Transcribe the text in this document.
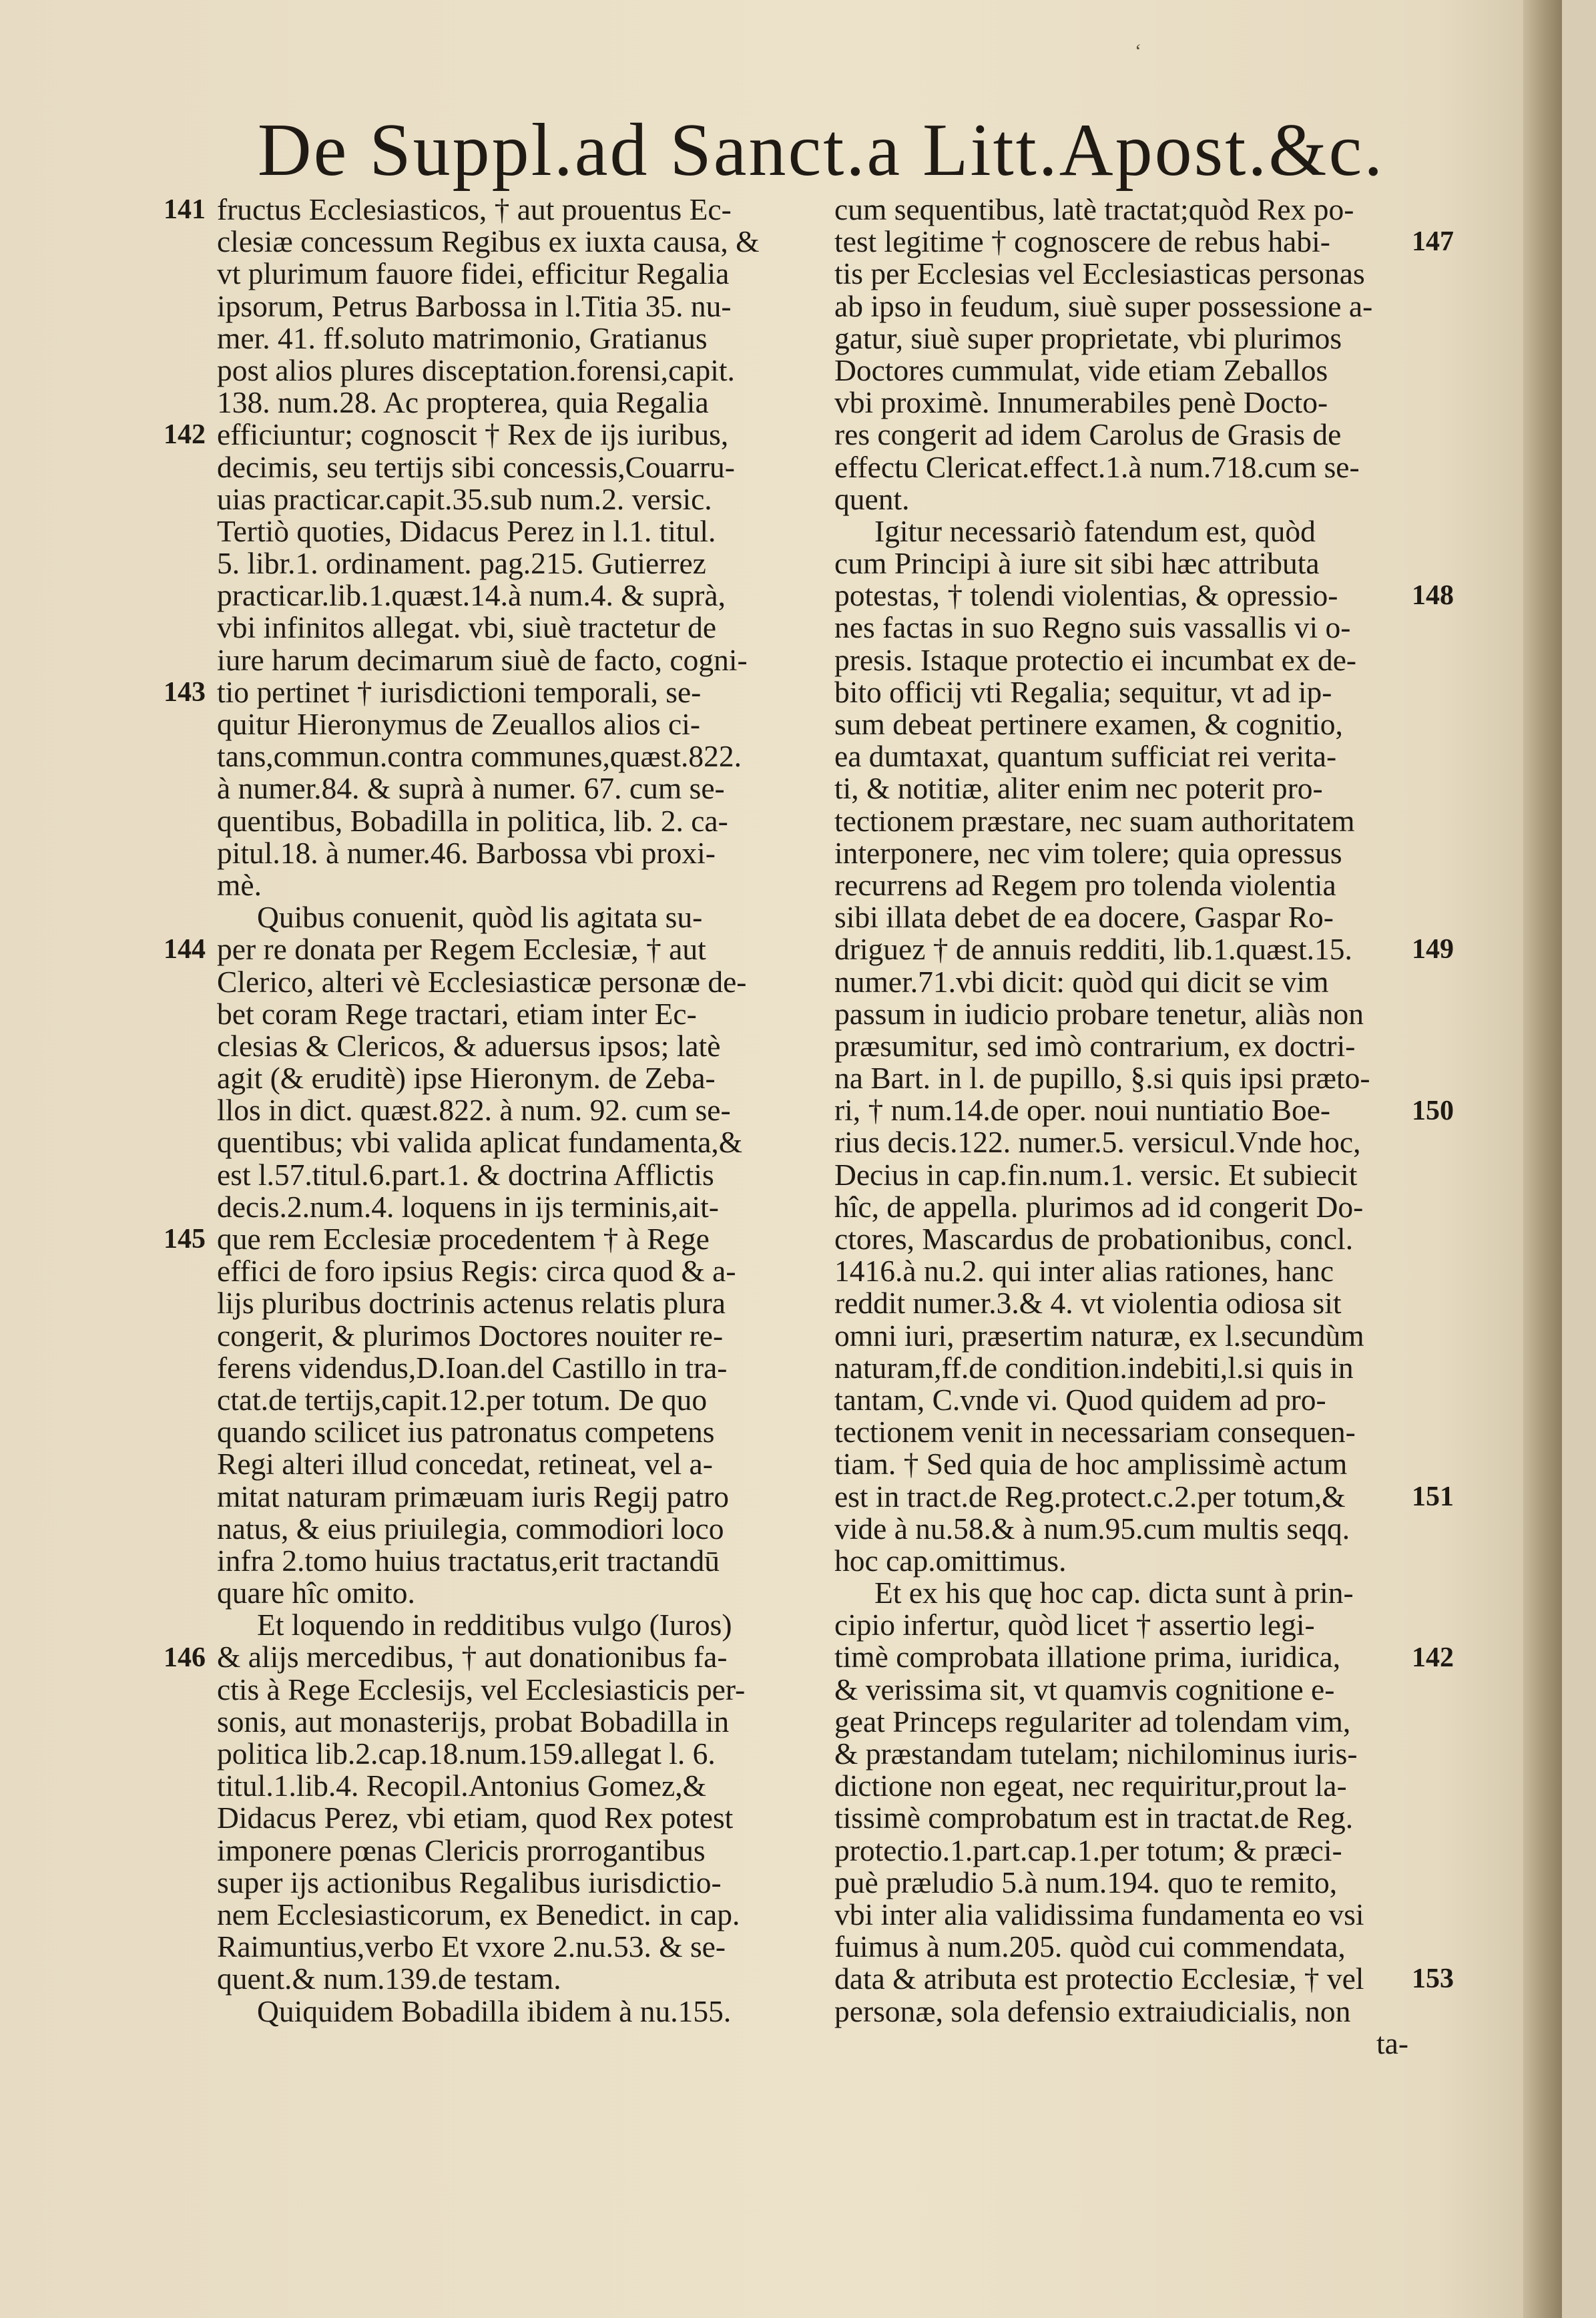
‘
De Suppl.ad Sanct.a Litt.Apost.&c.
141
142
143
144
145
146
147
148
149
150
151
142
153
fructus Ecclesiasticos, † aut prouentus Ec-
clesiæ concessum Regibus ex iuxta causa, &
vt plurimum fauore fidei, efficitur Regalia
ipsorum, Petrus Barbossa in l.Titia 35. nu-
mer. 41. ff.soluto matrimonio, Gratianus
post alios plures disceptation.forensi,capit.
138. num.28. Ac propterea, quia Regalia
efficiuntur; cognoscit † Rex de ijs iuribus,
decimis, seu tertijs sibi concessis,Couarru-
uias practicar.capit.35.sub num.2. versic.
Tertiò quoties, Didacus Perez in l.1. titul.
5. libr.1. ordinament. pag.215. Gutierrez
practicar.lib.1.quæst.14.à num.4. & suprà,
vbi infinitos allegat. vbi, siuè tractetur de
iure harum decimarum siuè de facto, cogni-
tio pertinet † iurisdictioni temporali, se-
quitur Hieronymus de Zeuallos alios ci-
tans,commun.contra communes,quæst.822.
à numer.84. & suprà à numer. 67. cum se-
quentibus, Bobadilla in politica, lib. 2. ca-
pitul.18. à numer.46. Barbossa vbi proxi-
mè.
Quibus conuenit, quòd lis agitata su-
per re donata per Regem Ecclesiæ, † aut
Clerico, alteri vè Ecclesiasticæ personæ de-
bet coram Rege tractari, etiam inter Ec-
clesias & Clericos, & aduersus ipsos; latè
agit (& eruditè) ipse Hieronym. de Zeba-
llos in dict. quæst.822. à num. 92. cum se-
quentibus; vbi valida aplicat fundamenta,&
est l.57.titul.6.part.1. & doctrina Afflictis
decis.2.num.4. loquens in ijs terminis,ait-
que rem Ecclesiæ procedentem † à Rege
effici de foro ipsius Regis: circa quod & a-
lijs pluribus doctrinis actenus relatis plura
congerit, & plurimos Doctores nouiter re-
ferens videndus,D.Ioan.del Castillo in tra-
ctat.de tertijs,capit.12.per totum. De quo
quando scilicet ius patronatus competens
Regi alteri illud concedat, retineat, vel a-
mitat naturam primæuam iuris Regij patro
natus, & eius priuilegia, commodiori loco
infra 2.tomo huius tractatus,erit tractandū
quare hîc omito.
Et loquendo in redditibus vulgo (Iuros)
& alijs mercedibus, † aut donationibus fa-
ctis à Rege Ecclesijs, vel Ecclesiasticis per-
sonis, aut monasterijs, probat Bobadilla in
politica lib.2.cap.18.num.159.allegat l. 6.
titul.1.lib.4. Recopil.Antonius Gomez,&
Didacus Perez, vbi etiam, quod Rex potest
imponere pœnas Clericis prorrogantibus
super ijs actionibus Regalibus iurisdictio-
nem Ecclesiasticorum, ex Benedict. in cap.
Raimuntius,verbo Et vxore 2.nu.53. & se-
quent.& num.139.de testam.
Quiquidem Bobadilla ibidem à nu.155.
cum sequentibus, latè tractat;quòd Rex po-
test legitime † cognoscere de rebus habi-
tis per Ecclesias vel Ecclesiasticas personas
ab ipso in feudum, siuè super possessione a-
gatur, siuè super proprietate, vbi plurimos
Doctores cummulat, vide etiam Zeballos
vbi proximè. Innumerabiles penè Docto-
res congerit ad idem Carolus de Grasis de
effectu Clericat.effect.1.à num.718.cum se-
quent.
Igitur necessariò fatendum est, quòd
cum Principi à iure sit sibi hæc attributa
potestas, † tolendi violentias, & opressio-
nes factas in suo Regno suis vassallis vi o-
presis. Istaque protectio ei incumbat ex de-
bito officij vti Regalia; sequitur, vt ad ip-
sum debeat pertinere examen, & cognitio,
ea dumtaxat, quantum sufficiat rei verita-
ti, & notitiæ, aliter enim nec poterit pro-
tectionem præstare, nec suam authoritatem
interponere, nec vim tolere; quia opressus
recurrens ad Regem pro tolenda violentia
sibi illata debet de ea docere, Gaspar Ro-
driguez † de annuis redditi, lib.1.quæst.15.
numer.71.vbi dicit: quòd qui dicit se vim
passum in iudicio probare tenetur, aliàs non
præsumitur, sed imò contrarium, ex doctri-
na Bart. in l. de pupillo, §.si quis ipsi præto-
ri, † num.14.de oper. noui nuntiatio Boe-
rius decis.122. numer.5. versicul.Vnde hoc,
Decius in cap.fin.num.1. versic. Et subiecit
hîc, de appella. plurimos ad id congerit Do-
ctores, Mascardus de probationibus, concl.
1416.à nu.2. qui inter alias rationes, hanc
reddit numer.3.& 4. vt violentia odiosa sit
omni iuri, præsertim naturæ, ex l.secundùm
naturam,ff.de condition.indebiti,l.si quis in
tantam, C.vnde vi. Quod quidem ad pro-
tectionem venit in necessariam consequen-
tiam. † Sed quia de hoc amplissimè actum
est in tract.de Reg.protect.c.2.per totum,&
vide à nu.58.& à num.95.cum multis seqq.
hoc cap.omittimus.
Et ex his quę hoc cap. dicta sunt à prin-
cipio infertur, quòd licet † assertio legi-
timè comprobata illatione prima, iuridica,
& verissima sit, vt quamvis cognitione e-
geat Princeps regulariter ad tolendam vim,
& præstandam tutelam; nichilominus iuris-
dictione non egeat, nec requiritur,prout la-
tissimè comprobatum est in tractat.de Reg.
protectio.1.part.cap.1.per totum; & præci-
puè præludio 5.à num.194. quo te remito,
vbi inter alia validissima fundamenta eo vsi
fuimus à num.205. quòd cui commendata,
data & atributa est protectio Ecclesiæ, † vel
personæ, sola defensio extraiudicialis, non
ta-
